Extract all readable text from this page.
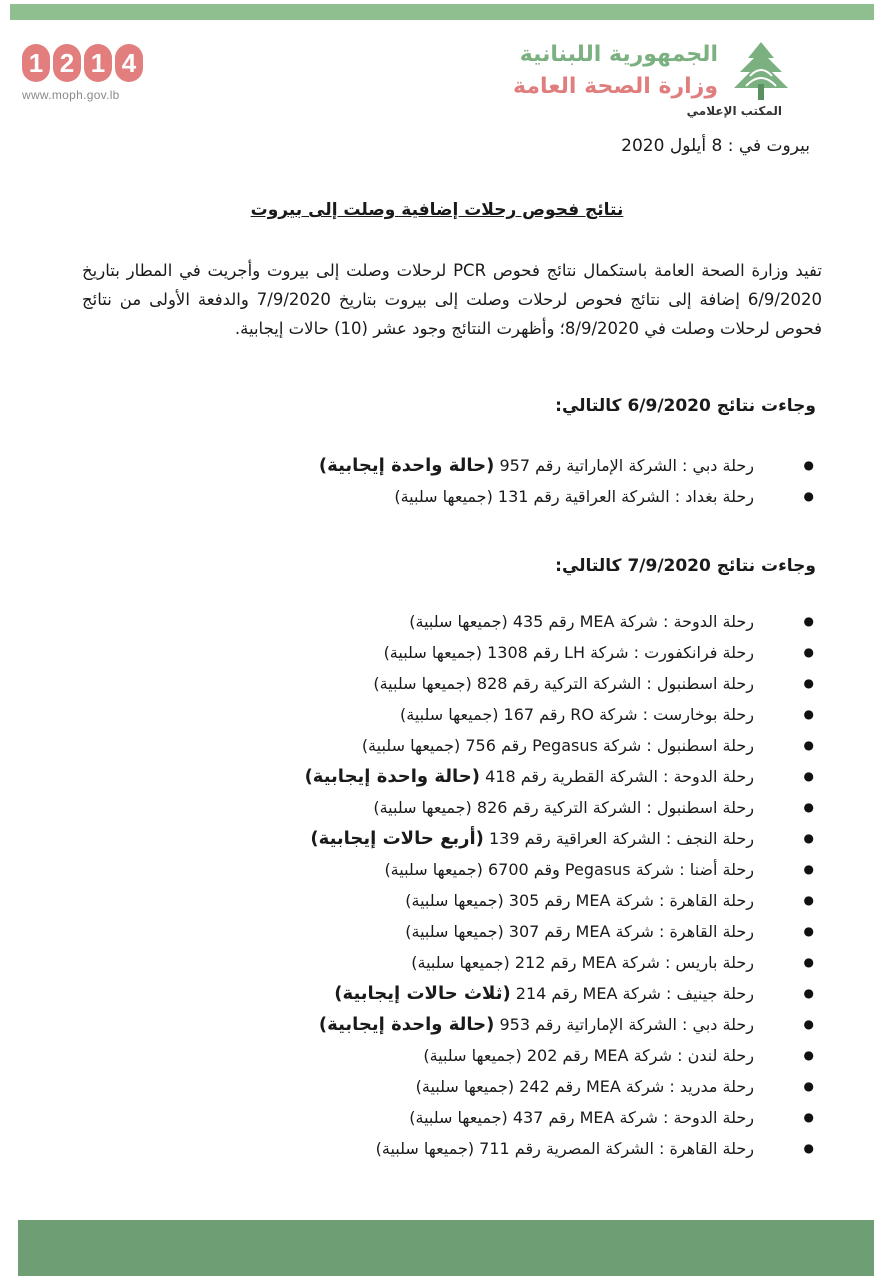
1 2 1 4
www.moph.gov.lb
الجمهورية اللبنانية
وزارة الصحة العامة
المكتب الإعلامي
بيروت في : 8 أيلول 2020
نتائج فحوص رحلات إضافية وصلت إلى بيروت
تفيد وزارة الصحة العامة باستكمال نتائج فحوص PCR لرحلات وصلت إلى بيروت وأجريت في المطار بتاريخ 6/9/2020 إضافة إلى نتائج فحوص لرحلات وصلت إلى بيروت بتاريخ 7/9/2020 والدفعة الأولى من نتائج فحوص لرحلات وصلت في 8/9/2020؛ وأظهرت النتائج وجود عشر (10) حالات إيجابية.
وجاءت نتائج 6/9/2020 كالتالي:
● رحلة دبي : الشركة الإماراتية رقم 957 (حالة واحدة إيجابية)
● رحلة بغداد : الشركة العراقية رقم 131 (جميعها سلبية)
وجاءت نتائج 7/9/2020 كالتالي:
● رحلة الدوحة : شركة MEA رقم 435 (جميعها سلبية)
● رحلة فرانكفورت : شركة LH رقم 1308 (جميعها سلبية)
● رحلة اسطنبول : الشركة التركية رقم 828 (جميعها سلبية)
● رحلة بوخارست : شركة RO رقم 167 (جميعها سلبية)
● رحلة اسطنبول : شركة Pegasus رقم 756 (جميعها سلبية)
● رحلة الدوحة : الشركة القطرية رقم 418 (حالة واحدة إيجابية)
● رحلة اسطنبول : الشركة التركية رقم 826 (جميعها سلبية)
● رحلة النجف : الشركة العراقية رقم 139 (أربع حالات إيجابية)
● رحلة أضنا : شركة Pegasus وقم 6700 (جميعها سلبية)
● رحلة القاهرة : شركة MEA رقم 305 (جميعها سلبية)
● رحلة القاهرة : شركة MEA رقم 307 (جميعها سلبية)
● رحلة باريس : شركة MEA رقم 212 (جميعها سلبية)
● رحلة جينيف : شركة MEA رقم 214 (ثلاث حالات إيجابية)
● رحلة دبي : الشركة الإماراتية رقم 953 (حالة واحدة إيجابية)
● رحلة لندن : شركة MEA رقم 202 (جميعها سلبية)
● رحلة مدريد : شركة MEA رقم 242 (جميعها سلبية)
● رحلة الدوحة : شركة MEA رقم 437 (جميعها سلبية)
● رحلة القاهرة : الشركة المصرية رقم 711 (جميعها سلبية)
